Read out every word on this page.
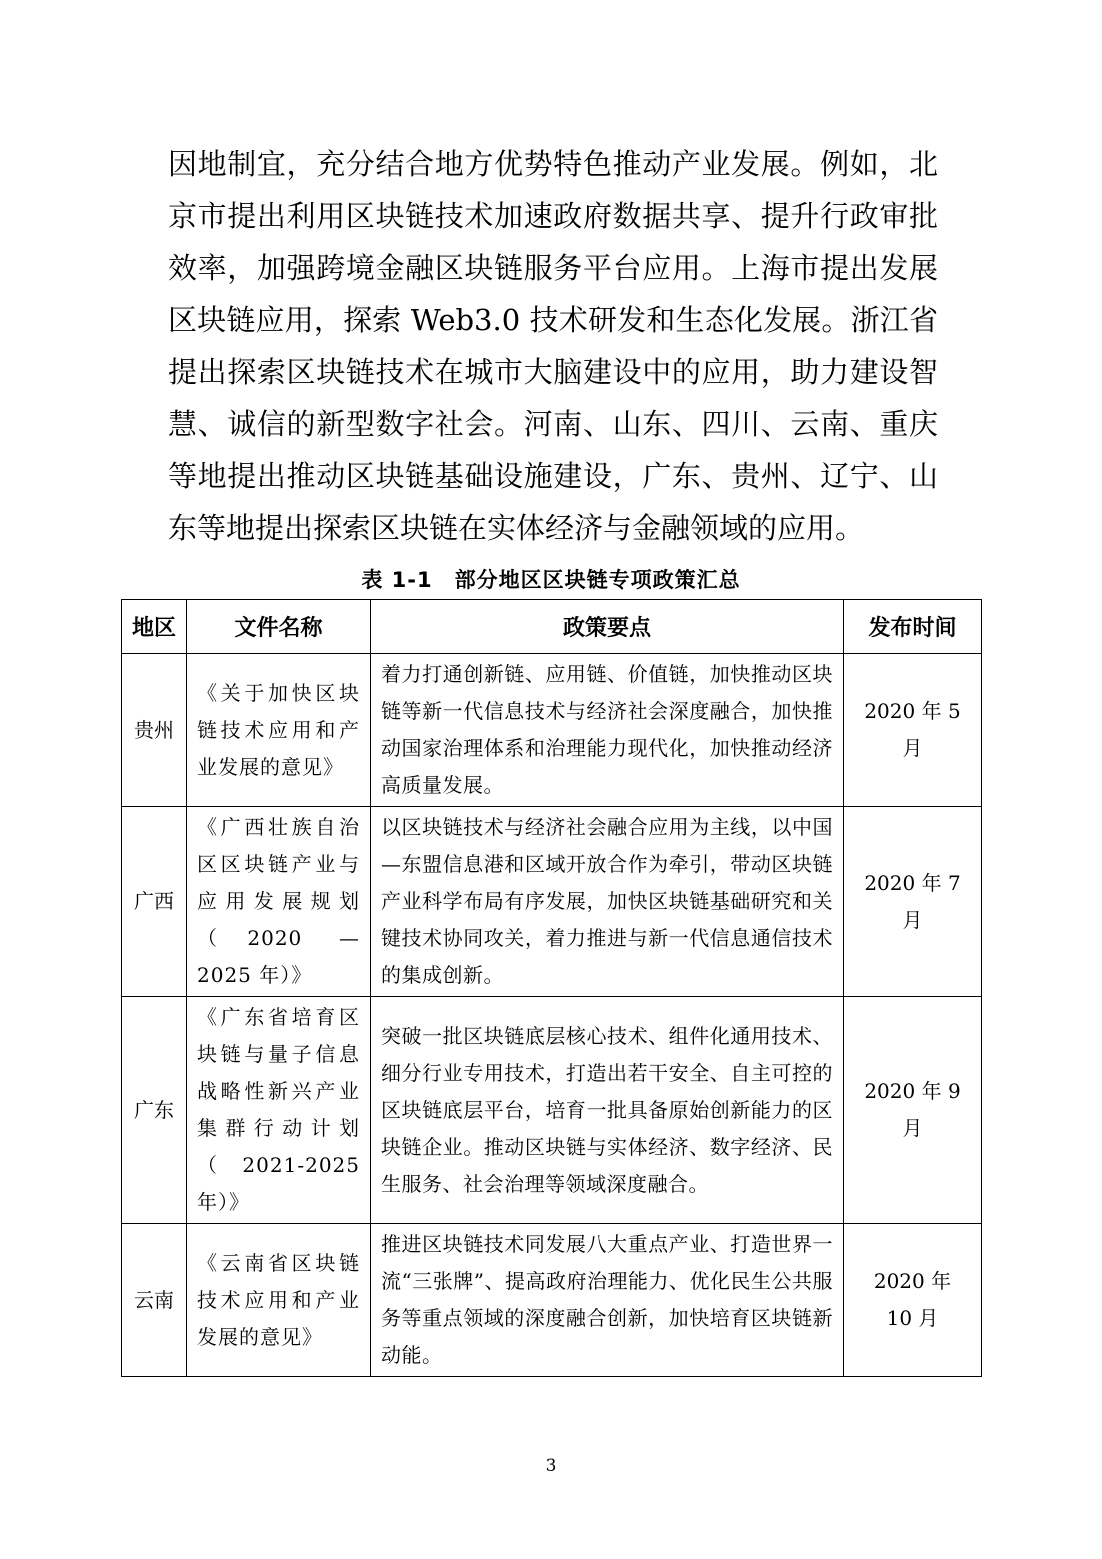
因地制宜，充分结合地方优势特色推动产业发展。例如，北
京市提出利用区块链技术加速政府数据共享、提升行政审批
效率，加强跨境金融区块链服务平台应用。上海市提出发展
区块链应用，探索 Web3.0 技术研发和生态化发展。浙江省
提出探索区块链技术在城市大脑建设中的应用，助力建设智
慧、诚信的新型数字社会。河南、山东、四川、云南、重庆
等地提出推动区块链基础设施建设，广东、贵州、辽宁、山
东等地提出探索区块链在实体经济与金融领域的应用。
表 1-1　部分地区区块链专项政策汇总
地区	文件名称	政策要点	发布时间
贵州	《关于加快区块链技术应用和产业发展的意见》	着力打通创新链、应用链、价值链，加快推动区块链等新一代信息技术与经济社会深度融合，加快推动国家治理体系和治理能力现代化，加快推动经济高质量发展。	2020 年 5 月
广西	《广西壮族自治区区块链产业与应用发展规划（2020 — 2025 年）》	以区块链技术与经济社会融合应用为主线，以中国—东盟信息港和区域开放合作为牵引，带动区块链产业科学布局有序发展，加快区块链基础研究和关键技术协同攻关，着力推进与新一代信息通信技术的集成创新。	2020 年 7 月
广东	《广东省培育区块链与量子信息战略性新兴产业集群行动计划（2021-2025 年）》	突破一批区块链底层核心技术、组件化通用技术、细分行业专用技术，打造出若干安全、自主可控的区块链底层平台，培育一批具备原始创新能力的区块链企业。推动区块链与实体经济、数字经济、民生服务、社会治理等领域深度融合。	2020 年 9 月
云南	《云南省区块链技术应用和产业发展的意见》	推进区块链技术同发展八大重点产业、打造世界一流“三张牌”、提高政府治理能力、优化民生公共服务等重点领域的深度融合创新，加快培育区块链新动能。	2020 年 10 月
3
